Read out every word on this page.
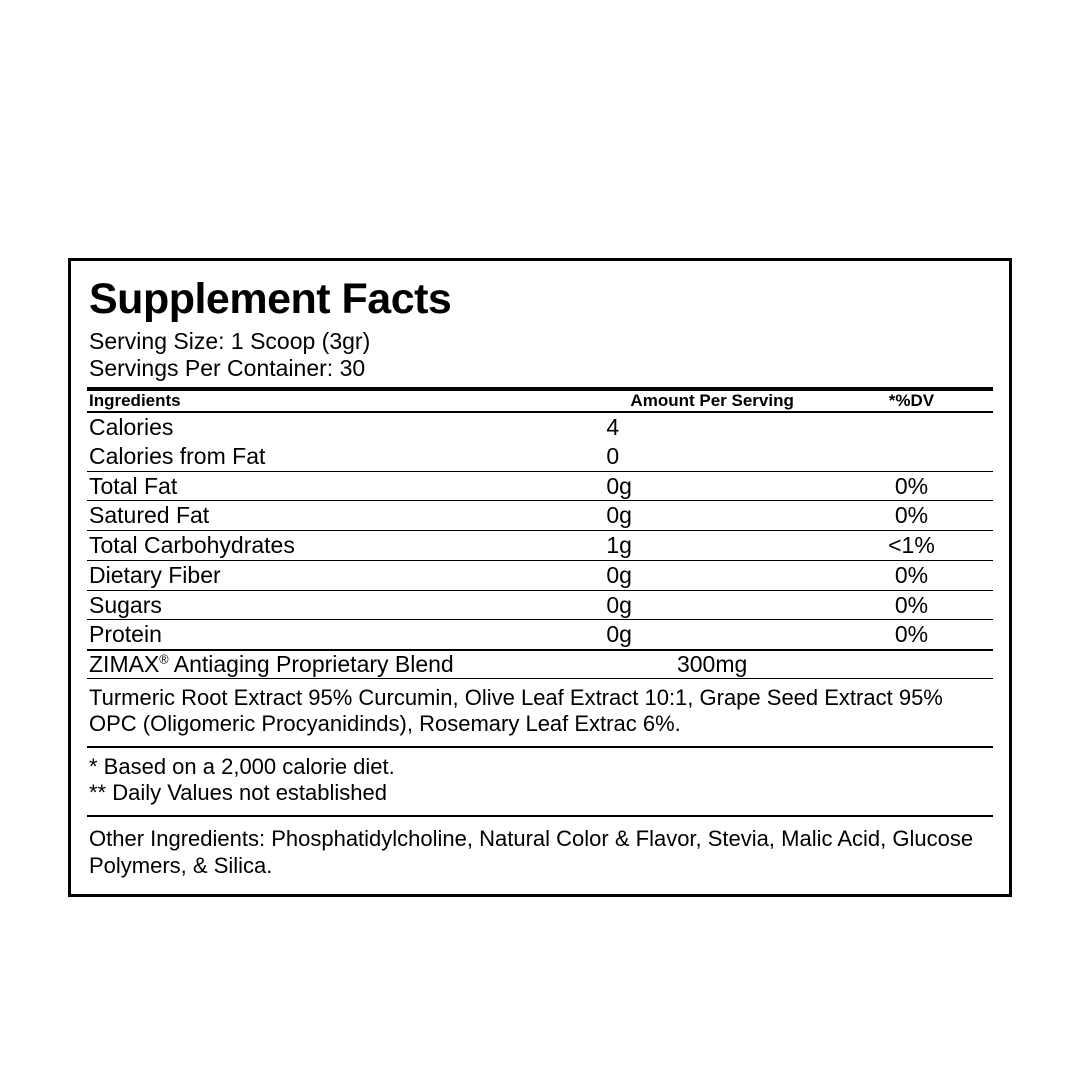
Supplement Facts
Serving Size: 1 Scoop (3gr)
Servings Per Container: 30
Ingredients	Amount Per Serving	*%DV

Calories	4	
Calories from Fat	0	

Total Fat	0g	0%

Satured Fat	0g	0%

Total Carbohydrates	1g	<1%

Dietary Fiber	0g	0%

Sugars	0g	0%

Protein	0g	0%

ZIMAX® Antiaging Proprietary Blend	300mg	

Turmeric Root Extract 95% Curcumin, Olive Leaf Extract 10:1, Grape Seed Extract 95% OPC (Oligomeric Procyanidinds), Rosemary Leaf Extrac 6%.
* Based on a 2,000 calorie diet.
** Daily Values not established
Other Ingredients: Phosphatidylcholine, Natural Color & Flavor, Stevia, Malic Acid, Glucose Polymers, & Silica.
